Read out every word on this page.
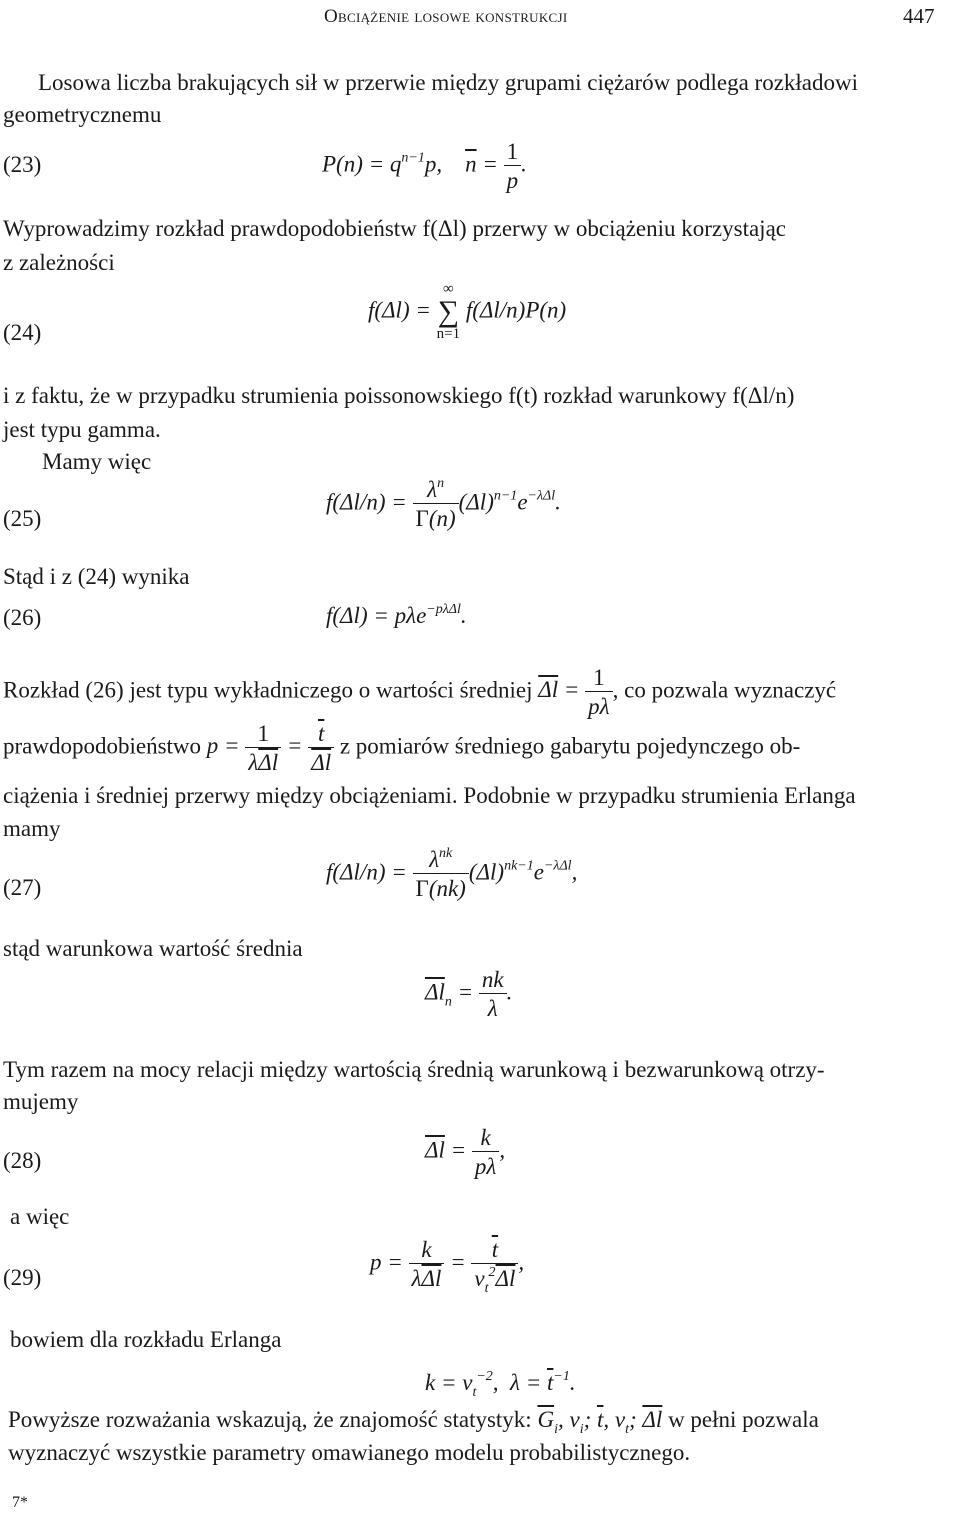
Obciążenie losowe konstrukcji	447
Losowa liczba brakujących sił w przerwie między grupami ciężarów podlega rozkładowi
geometrycznemu
(23)	$P(n) = q^{n-1}p$,    $\overline{n} = \frac{1}{p}$ .
Wyprowadzimy rozkład prawdopodobieństw f(Δl) przerwy w obciążeniu korzystając
z zależności
(24)
f(Δl) =
∞
∑
n=1
f(Δl/n)P(n)
i z faktu, że w przypadku strumienia poissonowskiego f(t) rozkład warunkowy f(Δl/n)
jest typu gamma.
Mamy więc
(25)
$f(\Delta l/n) = \frac{\lambda^n}{\Gamma(n)} (\Delta l)^{n-1}e^{-\lambda\Delta l}$.
Stąd i z (24) wynika
(26)	f(Δl) = pλe$^{-p\lambda\Delta l}$.
Rozkład (26) jest typu wykładniczego o wartości średniej $\overline{\Delta l} = \frac{1}{p\lambda}$ , co pozwala wyznaczyć
prawdopodobieństwo $p = \frac{1}{\lambda\overline{\Delta l}} = \frac{\overline{t}}{\Delta l}$ z pomiarów średniego gabarytu pojedynczego ob-
ciążenia i średniej przerwy między obciążeniami. Podobnie w przypadku strumienia Erlanga
mamy
(27)
$f(\Delta l/n) = \frac{\lambda^{nk}}{\Gamma(nk)} (\Delta l)^{nk-1}e^{-\lambda\Delta l}$,
stąd warunkowa wartość średnia
$\overline{\Delta l}_n = \frac{nk}{\lambda}$ .
Tym razem na mocy relacji między wartością średnią warunkową i bezwarunkową otrzy-
mujemy
(28)	$\overline{\Delta l} = \frac{k}{p\lambda}$ ,
a więc
(29)
$p = \frac{k}{\lambda\overline{\Delta l}} = \frac{\overline{t}}{v_t^2\overline{\Delta l}}$ ,
bowiem dla rozkładu Erlanga
$k = v_t^{-2}$,  $\lambda = \overline{t}^{-1}$.
Powyższe rozważania wskazują, że znajomość statystyk: $\overline{G}_i$, $v_i$; $\overline{t}$, $v_t$; $\overline{\Delta l}$ w pełni pozwala
wyznaczyć wszystkie parametry omawianego modelu probabilistycznego.
7*
